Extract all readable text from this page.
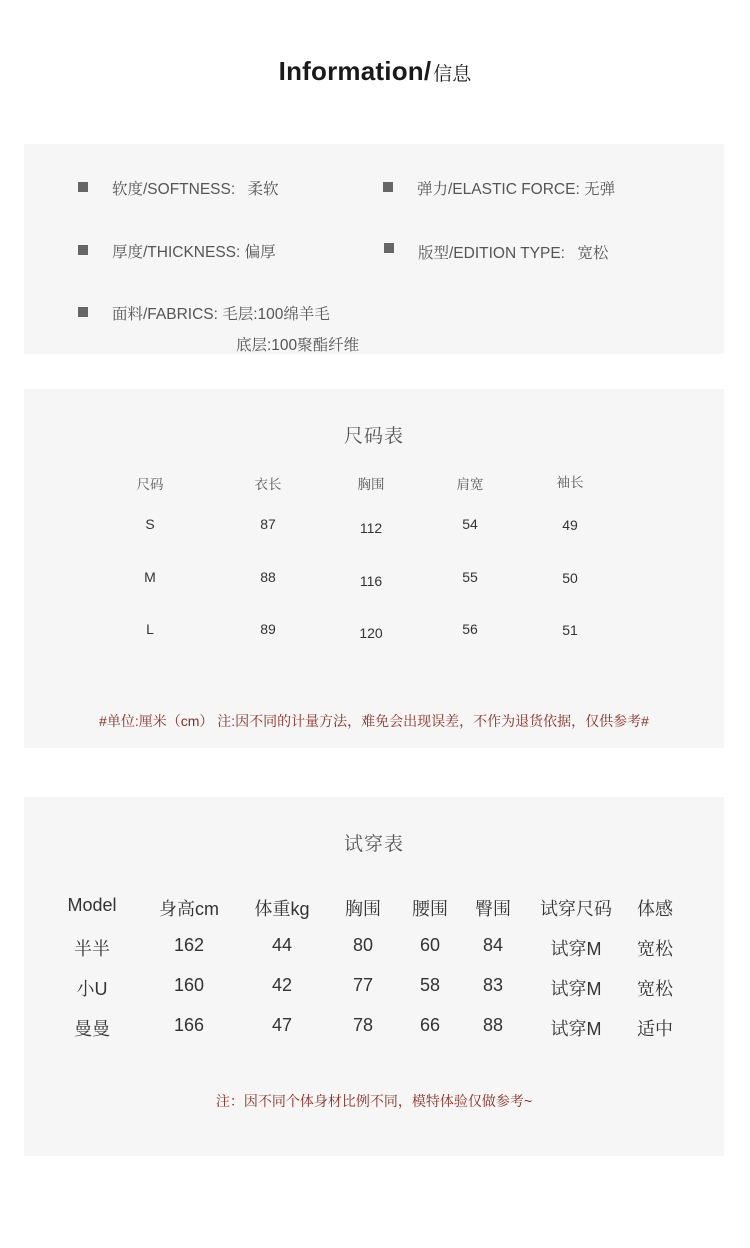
Information/ 信息
软度/SOFTNESS: 柔软	弹力/ELASTIC FORCE: 无弹
厚度/THICKNESS: 偏厚	版型/EDITION TYPE: 宽松
面料/FABRICS: 毛层:100绵羊毛
底层:100聚酯纤维
尺码表
尺码	衣长	胸围	肩宽	袖长
S	87	112	54	49
M	88	116	55	50
L	89	120	56	51
#单位:厘米（cm） 注:因不同的计量方法，难免会出现误差，不作为退货依据，仅供参考#
试穿表
Model	身高cm	体重kg	胸围	腰围	臀围	试穿尺码	体感
半半	162	44	80	60	84	试穿M	宽松
小U	160	42	77	58	83	试穿M	宽松
曼曼	166	47	78	66	88	试穿M	适中
注：因不同个体身材比例不同，模特体验仅做参考~
